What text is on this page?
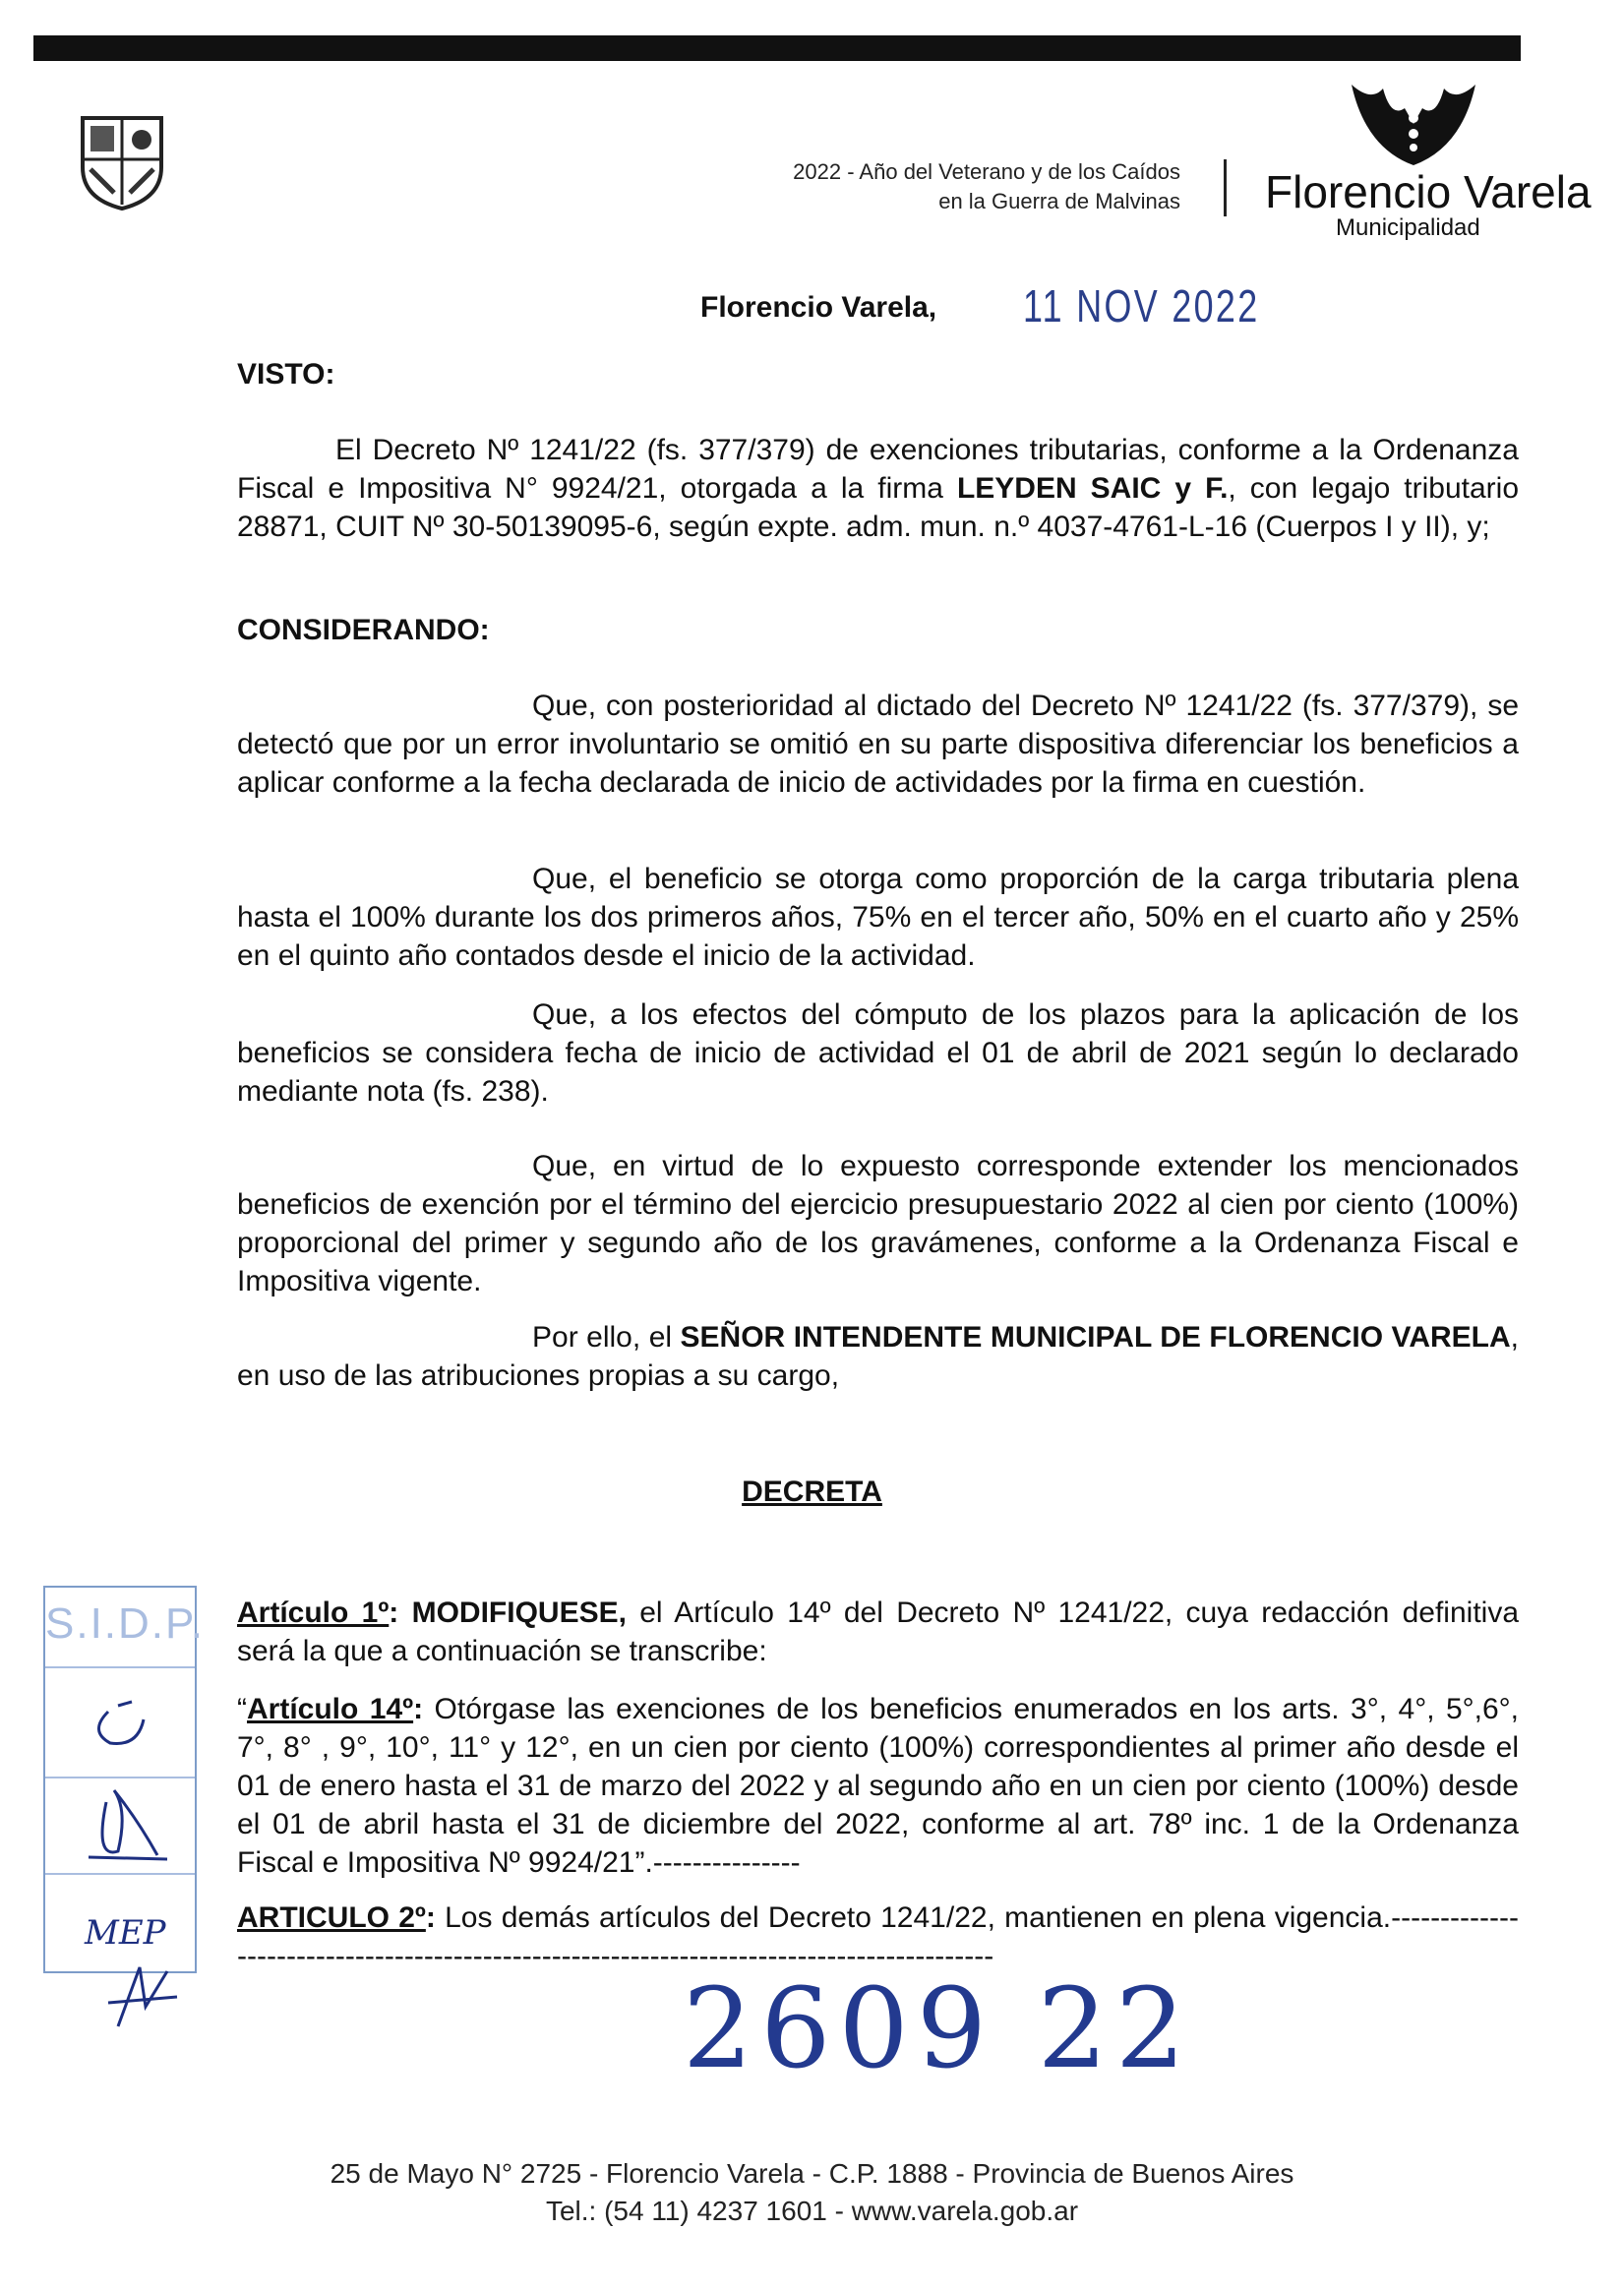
2022 - Año del Veterano y de los Caídos
en la Guerra de Malvinas Florencio Varela
Municipalidad
Florencio Varela, 11 NOV 2022
VISTO:
El Decreto Nº 1241/22 (fs. 377/379) de exenciones tributarias, conforme a la Ordenanza Fiscal e Impositiva N° 9924/21, otorgada a la firma LEYDEN SAIC y F., con legajo tributario 28871, CUIT Nº 30-50139095-6, según expte. adm. mun. n.º 4037-4761-L-16 (Cuerpos I y II), y;
CONSIDERANDO:
Que, con posterioridad al dictado del Decreto Nº 1241/22 (fs. 377/379), se detectó que por un error involuntario se omitió en su parte dispositiva diferenciar los beneficios a aplicar conforme a la fecha declarada de inicio de actividades por la firma en cuestión.
Que, el beneficio se otorga como proporción de la carga tributaria plena hasta el 100% durante los dos primeros años, 75% en el tercer año, 50% en el cuarto año y 25% en el quinto año contados desde el inicio de la actividad.
Que, a los efectos del cómputo de los plazos para la aplicación de los beneficios se considera fecha de inicio de actividad el 01 de abril de 2021 según lo declarado mediante nota (fs. 238).
Que, en virtud de lo expuesto corresponde extender los mencionados beneficios de exención por el término del ejercicio presupuestario 2022 al cien por ciento (100%) proporcional del primer y segundo año de los gravámenes, conforme a la Ordenanza Fiscal e Impositiva vigente.
Por ello, el SEÑOR INTENDENTE MUNICIPAL DE FLORENCIO VARELA, en uso de las atribuciones propias a su cargo,
DECRETA
Artículo 1º: MODIFIQUESE, el Artículo 14º del Decreto Nº 1241/22, cuya redacción definitiva será la que a continuación se transcribe:
“Artículo 14º: Otórgase las exenciones de los beneficios enumerados en los arts. 3°, 4°, 5°,6°, 7°, 8° , 9°, 10°, 11° y 12°, en un cien por ciento (100%) correspondientes al primer año desde el 01 de enero hasta el 31 de marzo del 2022 y al segundo año en un cien por ciento (100%) desde el 01 de abril hasta el 31 de diciembre del 2022, conforme al art. 78º inc. 1 de la Ordenanza Fiscal e Impositiva Nº 9924/21”.---------------
ARTICULO 2º: Los demás artículos del Decreto 1241/22, mantienen en plena vigencia.------------------------------------------------------------------------------------------
S.I.D.P.
MEP
2609 22
25 de Mayo N° 2725 - Florencio Varela - C.P. 1888 - Provincia de Buenos Aires
Tel.: (54 11) 4237 1601 - www.varela.gob.ar
